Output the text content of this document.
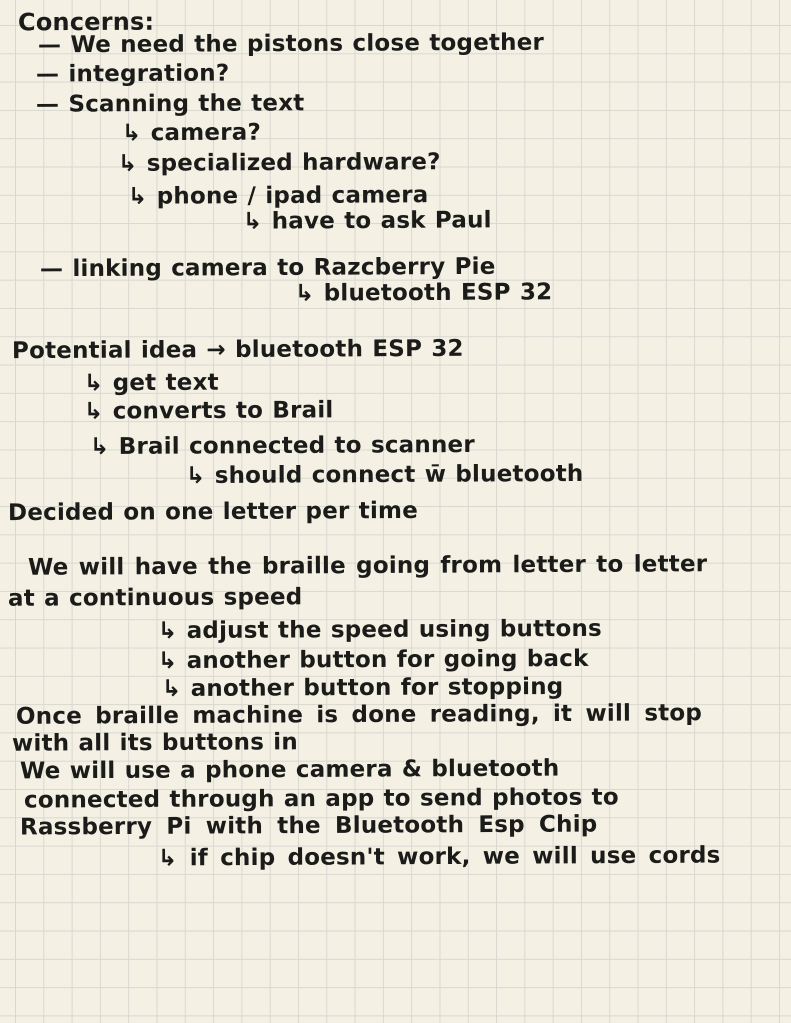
Concerns:
— We need the pistons close together
— integration?
— Scanning the text
↳ camera?
↳ specialized hardware?
↳ phone / ipad camera
↳ have to ask Paul
— linking camera to Razcberry Pie
↳ bluetooth ESP 32
Potential idea → bluetooth ESP 32
↳ get text
↳ converts to Brail
↳ Brail connected to scanner
↳ should connect w̄ bluetooth
Decided on one letter per time
We will have the braille going from letter to letter
at a continuous speed
↳ adjust the speed using buttons
↳ another button for going back
↳ another button for stopping
Once braille machine is done reading, it will stop
with all its buttons in
We will use a phone camera & bluetooth
connected through an app to send photos to
Rassberry Pi with the Bluetooth Esp Chip
↳ if chip doesn't work, we will use cords
